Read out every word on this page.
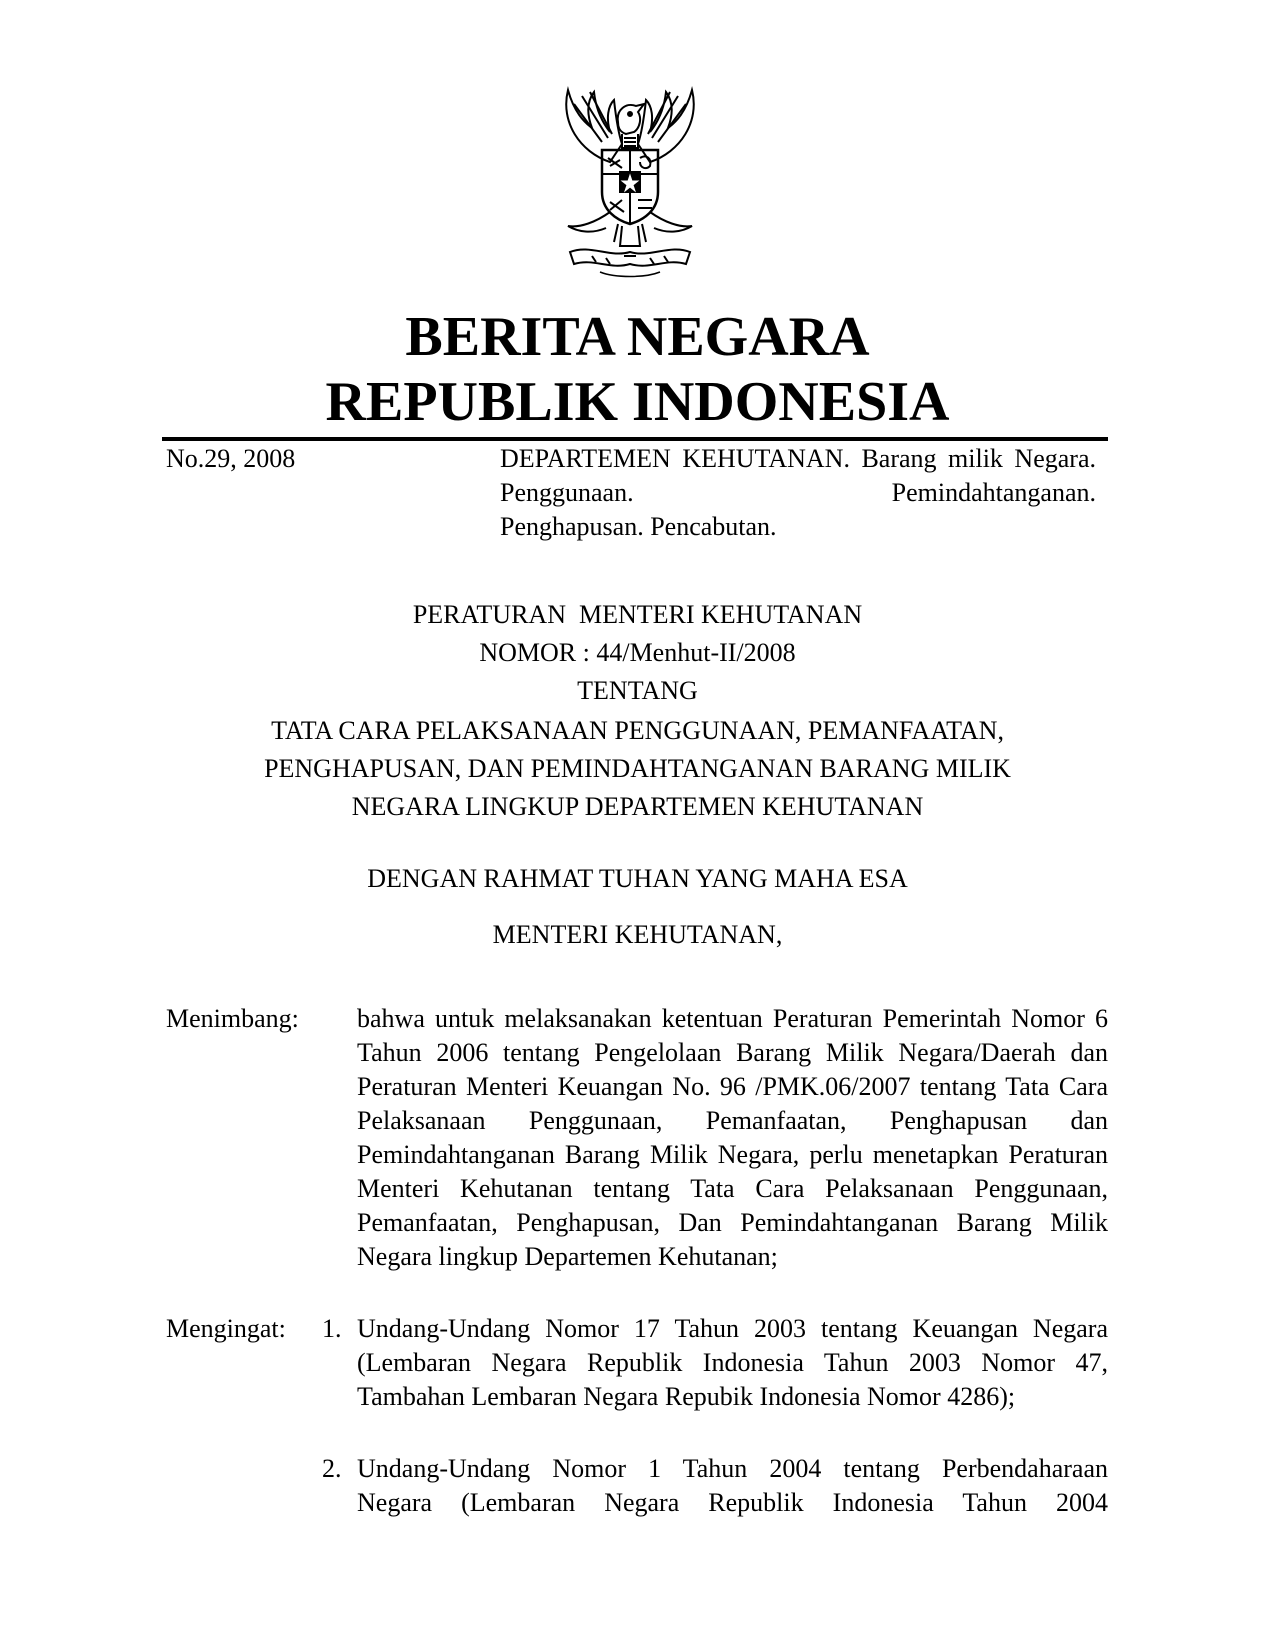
BERITA NEGARA
REPUBLIK INDONESIA
No.29, 2008	DEPARTEMEN KEHUTANAN. Barang milik Negara. Penggunaan. Pemindahtanganan.
Penghapusan. Pencabutan.
PERATURAN  MENTERI KEHUTANAN
NOMOR : 44/Menhut-II/2008
TENTANG
TATA CARA PELAKSANAAN PENGGUNAAN, PEMANFAATAN,
PENGHAPUSAN, DAN PEMINDAHTANGANAN BARANG MILIK
NEGARA LINGKUP DEPARTEMEN KEHUTANAN
DENGAN RAHMAT TUHAN YANG MAHA ESA
MENTERI KEHUTANAN,
Menimbang: bahwa untuk melaksanakan ketentuan Peraturan Pemerintah Nomor 6 Tahun 2006 tentang Pengelolaan Barang Milik Negara/Daerah dan Peraturan Menteri Keuangan No. 96 /PMK.06/2007 tentang Tata Cara Pelaksanaan Penggunaan, Pemanfaatan, Penghapusan dan Pemindahtanganan Barang Milik Negara, perlu menetapkan Peraturan Menteri Kehutanan tentang Tata Cara Pelaksanaan Penggunaan, Pemanfaatan, Penghapusan, Dan Pemindahtanganan Barang Milik Negara lingkup Departemen Kehutanan;
Mengingat: 1. Undang-Undang Nomor 17 Tahun 2003 tentang Keuangan Negara (Lembaran Negara Republik Indonesia Tahun 2003 Nomor 47, Tambahan Lembaran Negara Repubik Indonesia Nomor 4286);
2. Undang-Undang Nomor 1 Tahun 2004 tentang Perbendaharaan
Negara (Lembaran Negara Republik Indonesia Tahun 2004
